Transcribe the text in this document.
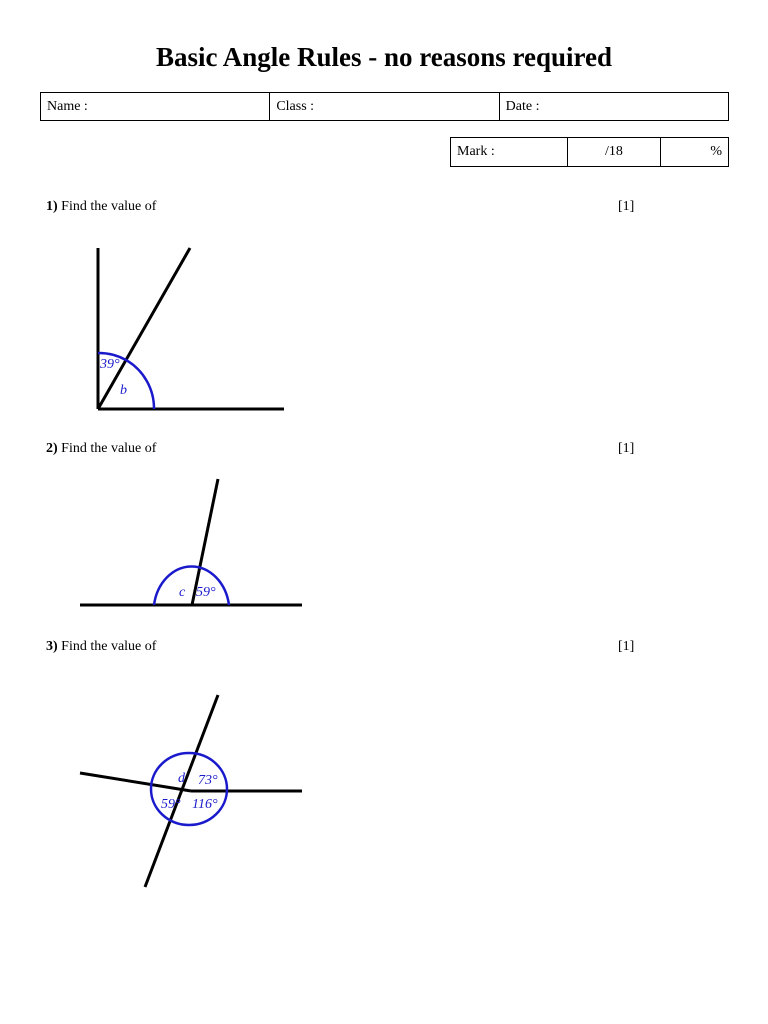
Basic Angle Rules - no reasons required
Name :	Class :	Date :
Mark :	/18	%
1) Find the value of	[1]
2) Find the value of	[1]
3) Find the value of	[1]
39°
b
c 59°
d 73°
59° 116°
